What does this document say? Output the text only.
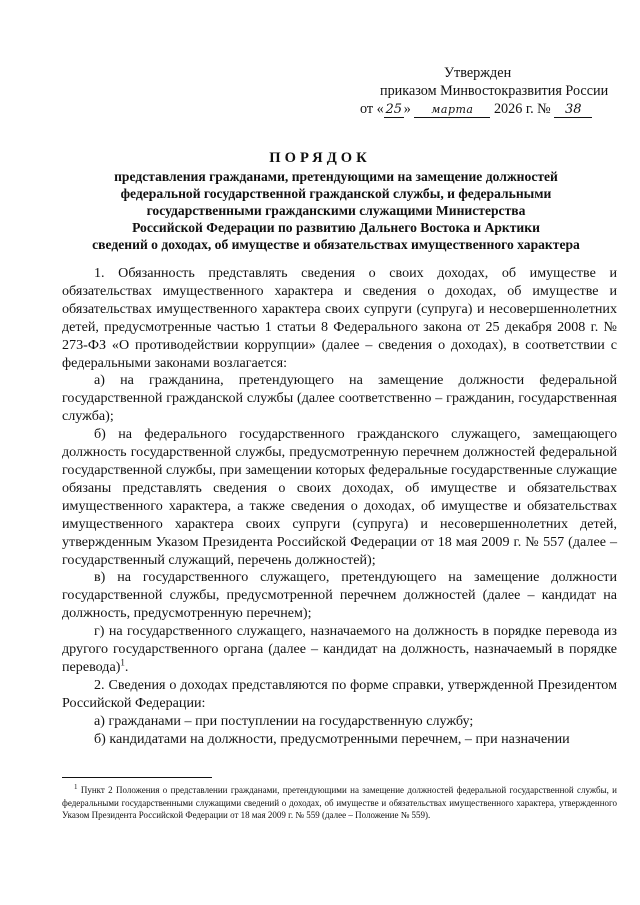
Утвержден
приказом Минвостокразвития России
от « 25 » марта 2026 г. № 38
ПОРЯДОК
представления гражданами, претендующими на замещение должностей
федеральной государственной гражданской службы, и федеральными
государственными гражданскими служащими Министерства
Российской Федерации по развитию Дальнего Востока и Арктики
сведений о доходах, об имуществе и обязательствах имущественного характера

1. Обязанность представлять сведения о своих доходах, об имуществе и обязательствах имущественного характера и сведения о доходах, об имуществе и обязательствах имущественного характера своих супруги (супруга) и несовершеннолетних детей, предусмотренные частью 1 статьи 8 Федерального закона от 25 декабря 2008 г. № 273-ФЗ «О противодействии коррупции» (далее – сведения о доходах), в соответствии с федеральными законами возлагается:

а) на гражданина, претендующего на замещение должности федеральной государственной гражданской службы (далее соответственно – гражданин, государственная служба);

б) на федерального государственного гражданского служащего, замещающего должность государственной службы, предусмотренную перечнем должностей федеральной государственной службы, при замещении которых федеральные государственные служащие обязаны представлять сведения о своих доходах, об имуществе и обязательствах имущественного характера, а также сведения о доходах, об имуществе и обязательствах имущественного характера своих супруги (супруга) и несовершеннолетних детей, утвержденным Указом Президента Российской Федерации от 18 мая 2009 г. № 557 (далее – государственный служащий, перечень должностей);

в) на государственного служащего, претендующего на замещение должности государственной службы, предусмотренной перечнем должностей (далее – кандидат на должность, предусмотренную перечнем);

г) на государственного служащего, назначаемого на должность в порядке перевода из другого государственного органа (далее – кандидат на должность, назначаемый в порядке перевода)$^1$.

2. Сведения о доходах представляются по форме справки, утвержденной Президентом Российской Федерации:

а) гражданами – при поступлении на государственную службу;

б) кандидатами на должности, предусмотренными перечнем, – при назначении

$^1$ Пункт 2 Положения о представлении гражданами, претендующими на замещение должностей федеральной государственной службы, и федеральными государственными служащими сведений о доходах, об имуществе и обязательствах имущественного характера, утвержденного Указом Президента Российской Федерации от 18 мая 2009 г. № 559 (далее – Положение № 559).
